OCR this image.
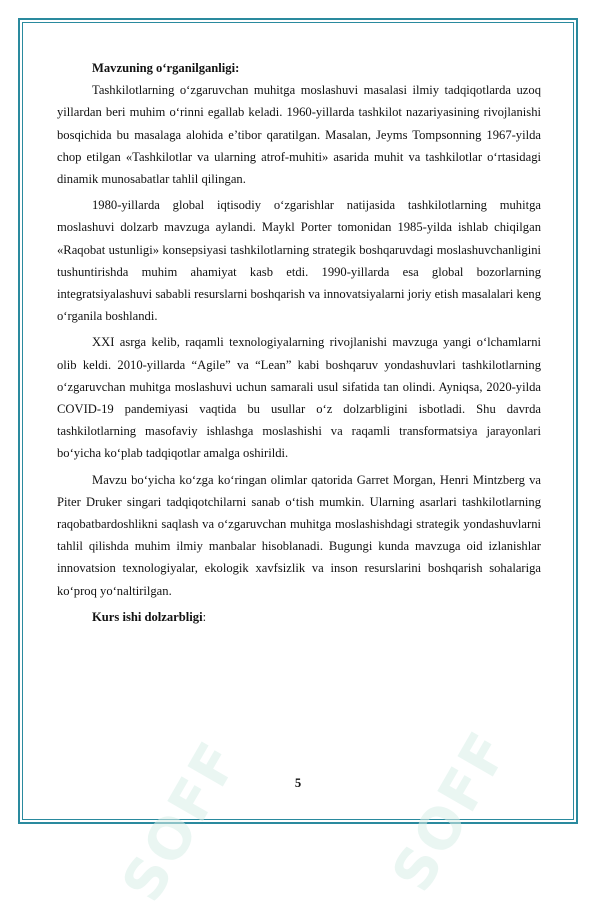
SOFF SOFF

Mavzuning o‘rganilganligi:

Tashkilotlarning o‘zgaruvchan muhitga moslashuvi masalasi ilmiy tadqiqotlarda uzoq yillardan beri muhim o‘rinni egallab keladi. 1960-yillarda tashkilot nazariyasining rivojlanishi bosqichida bu masalaga alohida e’tibor qaratilgan. Masalan, Jeyms Tompsonning 1967-yilda chop etilgan «Tashkilotlar va ularning atrof-muhiti» asarida muhit va tashkilotlar o‘rtasidagi dinamik munosabatlar tahlil qilingan.

1980-yillarda global iqtisodiy o‘zgarishlar natijasida tashkilotlarning muhitga moslashuvi dolzarb mavzuga aylandi. Maykl Porter tomonidan 1985-yilda ishlab chiqilgan «Raqobat ustunligi» konsepsiyasi tashkilotlarning strategik boshqaruvdagi moslashuvchanligini tushuntirishda muhim ahamiyat kasb etdi. 1990-yillarda esa global bozorlarning integratsiyalashuvi sababli resurslarni boshqarish va innovatsiyalarni joriy etish masalalari keng o‘rganila boshlandi.

XXI asrga kelib, raqamli texnologiyalarning rivojlanishi mavzuga yangi o‘lchamlarni olib keldi. 2010-yillarda “Agile” va “Lean” kabi boshqaruv yondashuvlari tashkilotlarning o‘zgaruvchan muhitga moslashuvi uchun samarali usul sifatida tan olindi. Ayniqsa, 2020-yilda COVID-19 pandemiyasi vaqtida bu usullar o‘z dolzarbligini isbotladi. Shu davrda tashkilotlarning masofaviy ishlashga moslashishi va raqamli transformatsiya jarayonlari bo‘yicha ko‘plab tadqiqotlar amalga oshirildi.

Mavzu bo‘yicha ko‘zga ko‘ringan olimlar qatorida Garret Morgan, Henri Mintzberg va Piter Druker singari tadqiqotchilarni sanab o‘tish mumkin. Ularning asarlari tashkilotlarning raqobatbardoshlikni saqlash va o‘zgaruvchan muhitga moslashishdagi strategik yondashuvlarni tahlil qilishda muhim ilmiy manbalar hisoblanadi. Bugungi kunda mavzuga oid izlanishlar innovatsion texnologiyalar, ekologik xavfsizlik va inson resurslarini boshqarish sohalariga ko‘proq yo‘naltirilgan.

Kurs ishi dolzarbligi:

5
